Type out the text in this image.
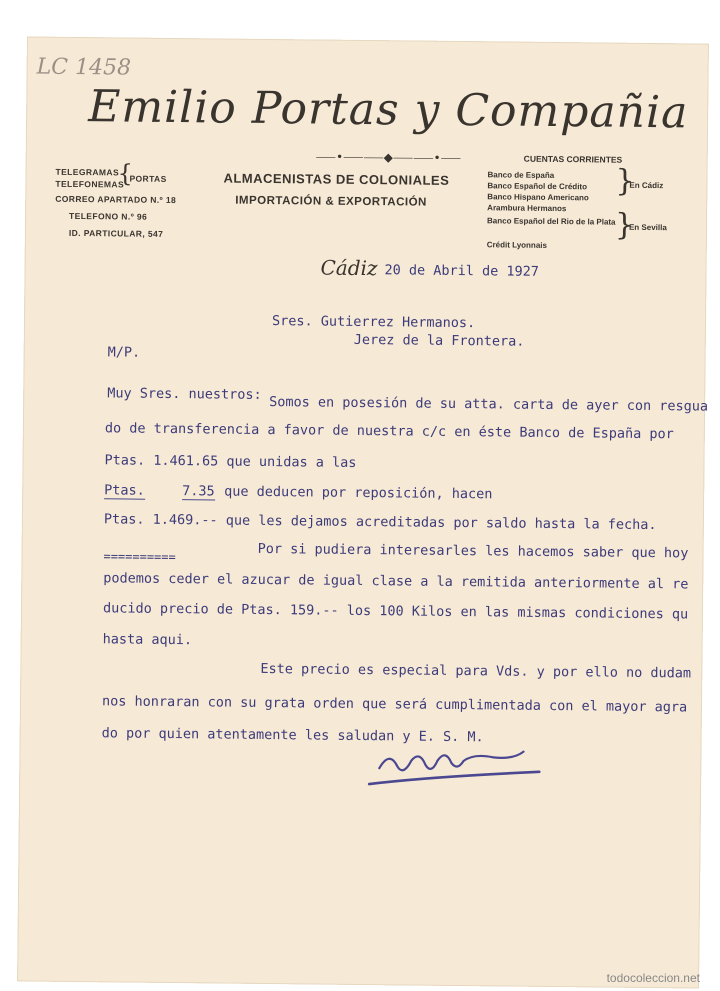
LC 1458
Emilio Portas y Compañia
⸺•⸺⸺◆⸺⸺•⸺
TELEGRAMAS
TELEFONEMAS
{
PORTAS
CORREO APARTADO N.º 18
TELEFONO N.º 96
ID. PARTICULAR, 547
ALMACENISTAS DE COLONIALES
IMPORTACIÓN & EXPORTACIÓN
CUENTAS CORRIENTES
Banco de España
Banco Español de Crédito
Banco Hispano Americano
Arambura Hermanos
Banco Español del Rio de la Plata
Crédit Lyonnais
}
}
En Cádiz
En Sevilla
Cádiz 20 de Abril de 1927
Sres. Gutierrez Hermanos.
Jerez de la Frontera.
M/P.
Muy Sres. nuestros: Somos en posesión de su atta. carta de ayer con resgua
do de transferencia a favor de nuestra c/c en éste Banco de España por
Ptas. 1.461.65 que unidas a las
Ptas.	7.35 que deducen por reposición, hacen
Ptas. 1.469.-- que les dejamos acreditadas por saldo hasta la fecha.
==========	Por si pudiera interesarles les hacemos saber que hoy
podemos ceder el azucar de igual clase a la remitida anteriormente al re
ducido precio de Ptas. 159.-- los 100 Kilos en las mismas condiciones qu
hasta aqui.
Este precio es especial para Vds. y por ello no dudam
nos honraran con su grata orden que será cumplimentada con el mayor agra
do por quien atentamente les saludan y E. S. M.
todocoleccion.net
